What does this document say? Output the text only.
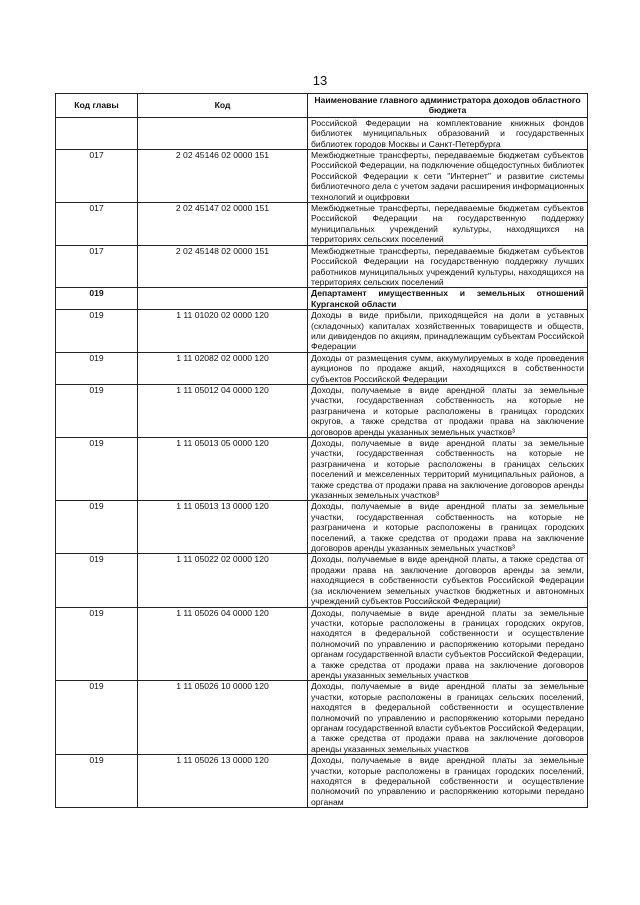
13
Код главы	Код	Наименование главного администратора доходов областного бюджета
		Российской Федерации на комплектование книжных фондов библиотек муниципальных образований и государственных библиотек городов Москвы и Санкт-Петербурга
017	2 02 45146 02 0000 151	Межбюджетные трансферты, передаваемые бюджетам субъектов Российской Федерации, на подключение общедоступных библиотек Российской Федерации к сети "Интернет" и развитие системы библиотечного дела с учетом задачи расширения информационных технологий и оцифровки
017	2 02 45147 02 0000 151	Межбюджетные трансферты, передаваемые бюджетам субъектов Российской Федерации на государственную поддержку муниципальных учреждений культуры, находящихся на территориях сельских поселений
017	2 02 45148 02 0000 151	Межбюджетные трансферты, передаваемые бюджетам субъектов Российской Федерации на государственную поддержку лучших работников муниципальных учреждений культуры, находящихся на территориях сельских поселений
019		Департамент имущественных и земельных отношений Курганской области
019	1 11 01020 02 0000 120	Доходы в виде прибыли, приходящейся на доли в уставных (складочных) капиталах хозяйственных товариществ и обществ, или дивидендов по акциям, принадлежащим субъектам Российской Федерации
019	1 11 02082 02 0000 120	Доходы от размещения сумм, аккумулируемых в ходе проведения аукционов по продаже акций, находящихся в собственности субъектов Российской Федерации
019	1 11 05012 04 0000 120	Доходы, получаемые в виде арендной платы за земельные участки, государственная собственность на которые не разграничена и которые расположены в границах городских округов, а также средства от продажи права на заключение договоров аренды указанных земельных участков³
019	1 11 05013 05 0000 120	Доходы, получаемые в виде арендной платы за земельные участки, государственная собственность на которые не разграничена и которые расположены в границах сельских поселений и межселенных территорий муниципальных районов, а также средства от продажи права на заключение договоров аренды указанных земельных участков³
019	1 11 05013 13 0000 120	Доходы, получаемые в виде арендной платы за земельные участки, государственная собственность на которые не разграничена и которые расположены в границах городских поселений, а также средства от продажи права на заключение договоров аренды указанных земельных участков³
019	1 11 05022 02 0000 120	Доходы, получаемые в виде арендной платы, а также средства от продажи права на заключение договоров аренды за земли, находящиеся в собственности субъектов Российской Федерации (за исключением земельных участков бюджетных и автономных учреждений субъектов Российской Федерации)
019	1 11 05026 04 0000 120	Доходы, получаемые в виде арендной платы за земельные участки, которые расположены в границах городских округов, находятся в федеральной собственности и осуществление полномочий по управлению и распоряжению которыми передано органам государственной власти субъектов Российской Федерации, а также средства от продажи права на заключение договоров аренды указанных земельных участков
019	1 11 05026 10 0000 120	Доходы, получаемые в виде арендной платы за земельные участки, которые расположены в границах сельских поселений, находятся в федеральной собственности и осуществление полномочий по управлению и распоряжению которыми передано органам государственной власти субъектов Российской Федерации, а также средства от продажи права на заключение договоров аренды указанных земельных участков
019	1 11 05026 13 0000 120	Доходы, получаемые в виде арендной платы за земельные участки, которые расположены в границах городских поселений, находятся в федеральной собственности и осуществление полномочий по управлению и распоряжению которыми передано органам
